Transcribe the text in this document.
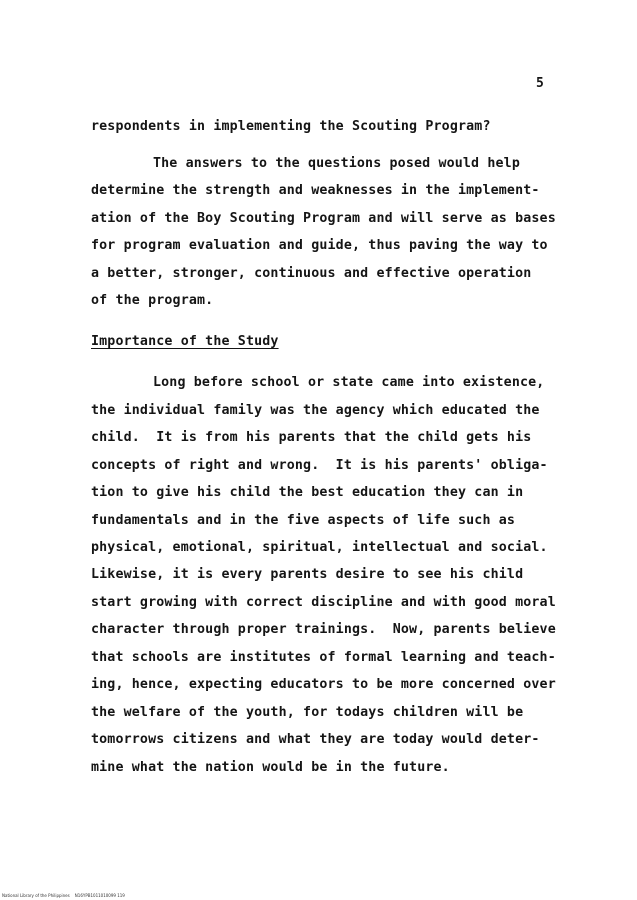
5
respondents in implementing the Scouting Program?
The answers to the questions posed would help
determine the strength and weaknesses in the implement-
ation of the Boy Scouting Program and will serve as bases
for program evaluation and guide, thus paving the way to
a better, stronger, continuous and effective operation
of the program.
Importance of the Study
Long before school or state came into existence,
the individual family was the agency which educated the
child.  It is from his parents that the child gets his
concepts of right and wrong.  It is his parents' obliga-
tion to give his child the best education they can in
fundamentals and in the five aspects of life such as
physical, emotional, spiritual, intellectual and social.
Likewise, it is every parents desire to see his child
start growing with correct discipline and with good moral
character through proper trainings.  Now, parents believe
that schools are institutes of formal learning and teach-
ing, hence, expecting educators to be more concerned over
the welfare of the youth, for todays children will be
tomorrows citizens and what they are today would deter-
mine what the nation would be in the future.
National Library of the Philippines    N16YPB1011010099 119
